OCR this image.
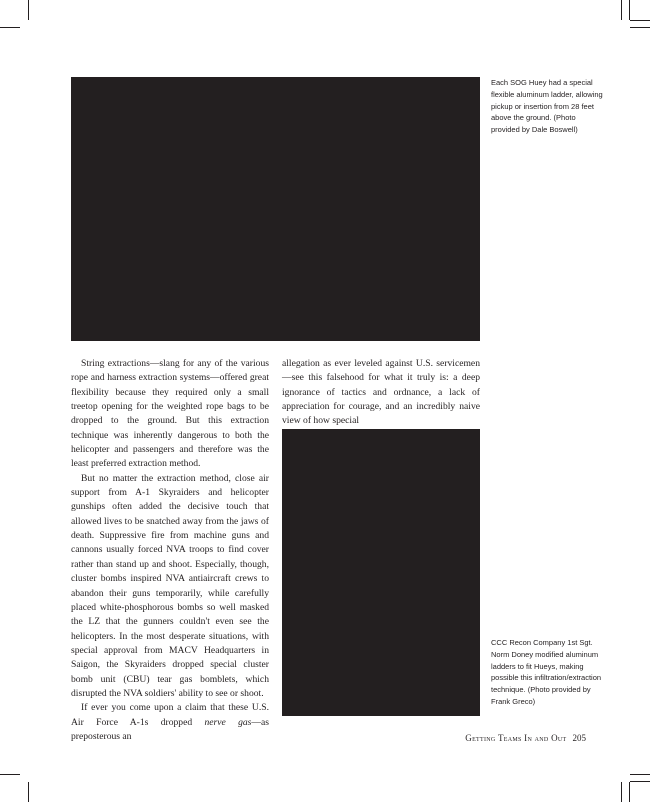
Each SOG Huey had a special flexible aluminum ladder, allowing pickup or insertion from 28 feet above the ground. (Photo provided by Dale Boswell)
CCC Recon Company 1st Sgt. Norm Doney modified aluminum ladders to fit Hueys, making possible this infiltration/extraction technique. (Photo provided by Frank Greco)

String extractions—slang for any of the various rope and harness extraction systems—offered great flexibility because they required only a small treetop opening for the weighted rope bags to be dropped to the ground. But this extraction technique was inherently dangerous to both the helicopter and passengers and therefore was the least preferred extraction method.

But no matter the extraction method, close air support from A-1 Skyraiders and helicopter gunships often added the decisive touch that allowed lives to be snatched away from the jaws of death. Suppressive fire from machine guns and cannons usually forced NVA troops to find cover rather than stand up and shoot. Especially, though, cluster bombs inspired NVA antiaircraft crews to abandon their guns temporarily, while carefully placed white-phosphorous bombs so well masked the LZ that the gunners couldn't even see the helicopters. In the most desperate situations, with special approval from MACV Headquarters in Saigon, the Skyraiders dropped special cluster bomb unit (CBU) tear gas bomblets, which disrupted the NVA soldiers' ability to see or shoot.

If ever you come upon a claim that these U.S. Air Force A-1s dropped nerve gas—as preposterous an

allegation as ever leveled against U.S. servicemen—see this falsehood for what it truly is: a deep ignorance of tactics and ordnance, a lack of appreciation for courage, and an incredibly naive view of how special

Getting Teams In and Out 205
